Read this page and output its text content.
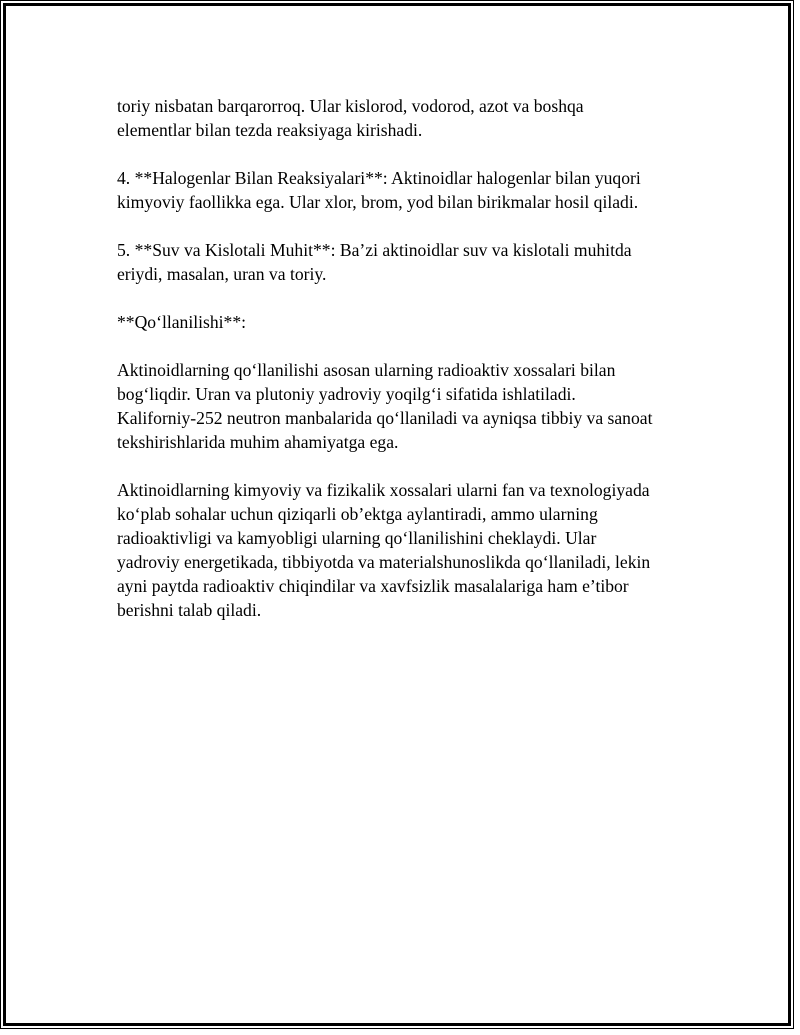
toriy nisbatan barqarorroq. Ular kislorod, vodorod, azot va boshqa
elementlar bilan tezda reaksiyaga kirishadi.

4. **Halogenlar Bilan Reaksiyalari**: Aktinoidlar halogenlar bilan yuqori
kimyoviy faollikka ega. Ular xlor, brom, yod bilan birikmalar hosil qiladi.

5. **Suv va Kislotali Muhit**: Ba’zi aktinoidlar suv va kislotali muhitda
eriydi, masalan, uran va toriy.

**Qo‘llanilishi**:

Aktinoidlarning qo‘llanilishi asosan ularning radioaktiv xossalari bilan
bog‘liqdir. Uran va plutoniy yadroviy yoqilg‘i sifatida ishlatiladi.
Kaliforniy-252 neutron manbalarida qo‘llaniladi va ayniqsa tibbiy va sanoat
tekshirishlarida muhim ahamiyatga ega.

Aktinoidlarning kimyoviy va fizikalik xossalari ularni fan va texnologiyada
ko‘plab sohalar uchun qiziqarli ob’ektga aylantiradi, ammo ularning
radioaktivligi va kamyobligi ularning qo‘llanilishini cheklaydi. Ular
yadroviy energetikada, tibbiyotda va materialshunoslikda qo‘llaniladi, lekin
ayni paytda radioaktiv chiqindilar va xavfsizlik masalalariga ham e’tibor
berishni talab qiladi.
